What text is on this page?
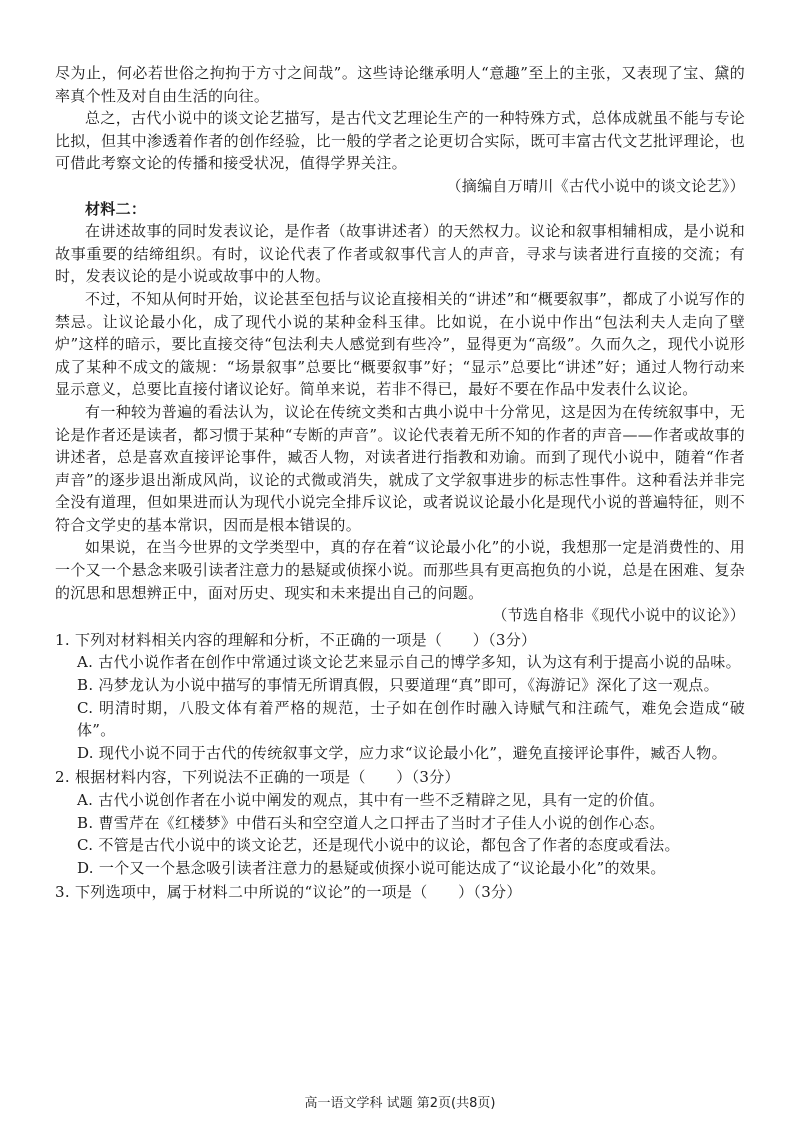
尽为止，何必若世俗之拘拘于方寸之间哉”。这些诗论继承明人“意趣”至上的主张，又表现了宝、黛的率真个性及对自由生活的向往。

总之，古代小说中的谈文论艺描写，是古代文艺理论生产的一种特殊方式，总体成就虽不能与专论比拟，但其中渗透着作者的创作经验，比一般的学者之论更切合实际，既可丰富古代文艺批评理论，也可借此考察文论的传播和接受状况，值得学界关注。

（摘编自万晴川《古代小说中的谈文论艺》）

材料二：

在讲述故事的同时发表议论，是作者（故事讲述者）的天然权力。议论和叙事相辅相成，是小说和故事重要的结缔组织。有时，议论代表了作者或叙事代言人的声音，寻求与读者进行直接的交流；有时，发表议论的是小说或故事中的人物。

不过，不知从何时开始，议论甚至包括与议论直接相关的“讲述”和“概要叙事”，都成了小说写作的禁忌。让议论最小化，成了现代小说的某种金科玉律。比如说，在小说中作出“包法利夫人走向了壁炉”这样的暗示，要比直接交待“包法利夫人感觉到有些冷”，显得更为“高级”。久而久之，现代小说形成了某种不成文的箴规：“场景叙事”总要比“概要叙事”好；“显示”总要比“讲述”好；通过人物行动来显示意义，总要比直接付诸议论好。简单来说，若非不得已，最好不要在作品中发表什么议论。

有一种较为普遍的看法认为，议论在传统文类和古典小说中十分常见，这是因为在传统叙事中，无论是作者还是读者，都习惯于某种“专断的声音”。议论代表着无所不知的作者的声音——作者或故事的讲述者，总是喜欢直接评论事件，臧否人物，对读者进行指教和劝谕。而到了现代小说中，随着“作者声音”的逐步退出渐成风尚，议论的式微或消失，就成了文学叙事进步的标志性事件。这种看法并非完全没有道理，但如果进而认为现代小说完全排斥议论，或者说议论最小化是现代小说的普遍特征，则不符合文学史的基本常识，因而是根本错误的。

如果说，在当今世界的文学类型中，真的存在着“议论最小化”的小说，我想那一定是消费性的、用一个又一个悬念来吸引读者注意力的悬疑或侦探小说。而那些具有更高抱负的小说，总是在困难、复杂的沉思和思想辨正中，面对历史、现实和未来提出自己的问题。

（节选自格非《现代小说中的议论》）

1. 下列对材料相关内容的理解和分析，不正确的一项是（　　）（3分）

A. 古代小说作者在创作中常通过谈文论艺来显示自己的博学多知，认为这有利于提高小说的品味。

B. 冯梦龙认为小说中描写的事情无所谓真假，只要道理“真”即可，《海游记》深化了这一观点。

C. 明清时期，八股文体有着严格的规范，士子如在创作时融入诗赋气和注疏气，难免会造成“破体”。

D. 现代小说不同于古代的传统叙事文学，应力求“议论最小化”，避免直接评论事件，臧否人物。

2. 根据材料内容，下列说法不正确的一项是（　　）（3分）

A. 古代小说创作者在小说中阐发的观点，其中有一些不乏精辟之见，具有一定的价值。

B. 曹雪芹在《红楼梦》中借石头和空空道人之口抨击了当时才子佳人小说的创作心态。

C. 不管是古代小说中的谈文论艺，还是现代小说中的议论，都包含了作者的态度或看法。

D. 一个又一个悬念吸引读者注意力的悬疑或侦探小说可能达成了“议论最小化”的效果。

3. 下列选项中，属于材料二中所说的“议论”的一项是（　　）（3分）

高一语文学科 试题 第2页(共8页)
